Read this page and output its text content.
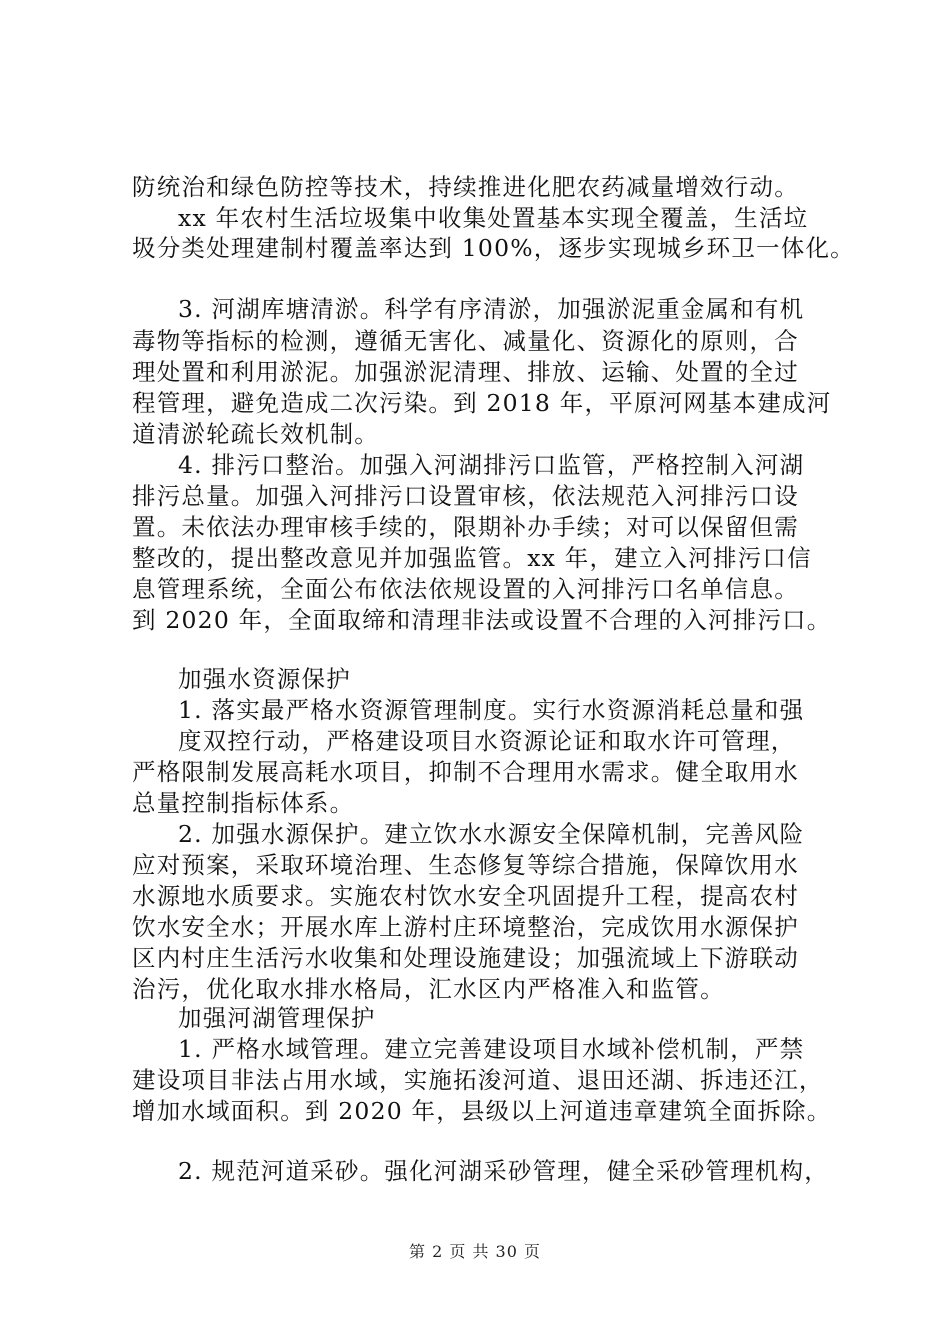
防统治和绿色防控等技术，持续推进化肥农药减量增效行动。
xx 年农村生活垃圾集中收集处置基本实现全覆盖，生活垃
圾分类处理建制村覆盖率达到 100%，逐步实现城乡环卫一体化。
3. 河湖库塘清淤。科学有序清淤，加强淤泥重金属和有机
毒物等指标的检测，遵循无害化、减量化、资源化的原则，合
理处置和利用淤泥。加强淤泥清理、排放、运输、处置的全过
程管理，避免造成二次污染。到 2018 年，平原河网基本建成河
道清淤轮疏长效机制。
4. 排污口整治。加强入河湖排污口监管，严格控制入河湖
排污总量。加强入河排污口设置审核，依法规范入河排污口设
置。未依法办理审核手续的，限期补办手续；对可以保留但需
整改的，提出整改意见并加强监管。xx 年，建立入河排污口信
息管理系统，全面公布依法依规设置的入河排污口名单信息。
到 2020 年，全面取缔和清理非法或设置不合理的入河排污口。
加强水资源保护
1. 落实最严格水资源管理制度。实行水资源消耗总量和强
度双控行动，严格建设项目水资源论证和取水许可管理，
严格限制发展高耗水项目，抑制不合理用水需求。健全取用水
总量控制指标体系。
2. 加强水源保护。建立饮水水源安全保障机制，完善风险
应对预案，采取环境治理、生态修复等综合措施，保障饮用水
水源地水质要求。实施农村饮水安全巩固提升工程，提高农村
饮水安全水；开展水库上游村庄环境整治，完成饮用水源保护
区内村庄生活污水收集和处理设施建设；加强流域上下游联动
治污，优化取水排水格局，汇水区内严格准入和监管。
加强河湖管理保护
1. 严格水域管理。建立完善建设项目水域补偿机制，严禁
建设项目非法占用水域，实施拓浚河道、退田还湖、拆违还江，
增加水域面积。到 2020 年，县级以上河道违章建筑全面拆除。
2. 规范河道采砂。强化河湖采砂管理，健全采砂管理机构，
第 2 页 共 30 页
